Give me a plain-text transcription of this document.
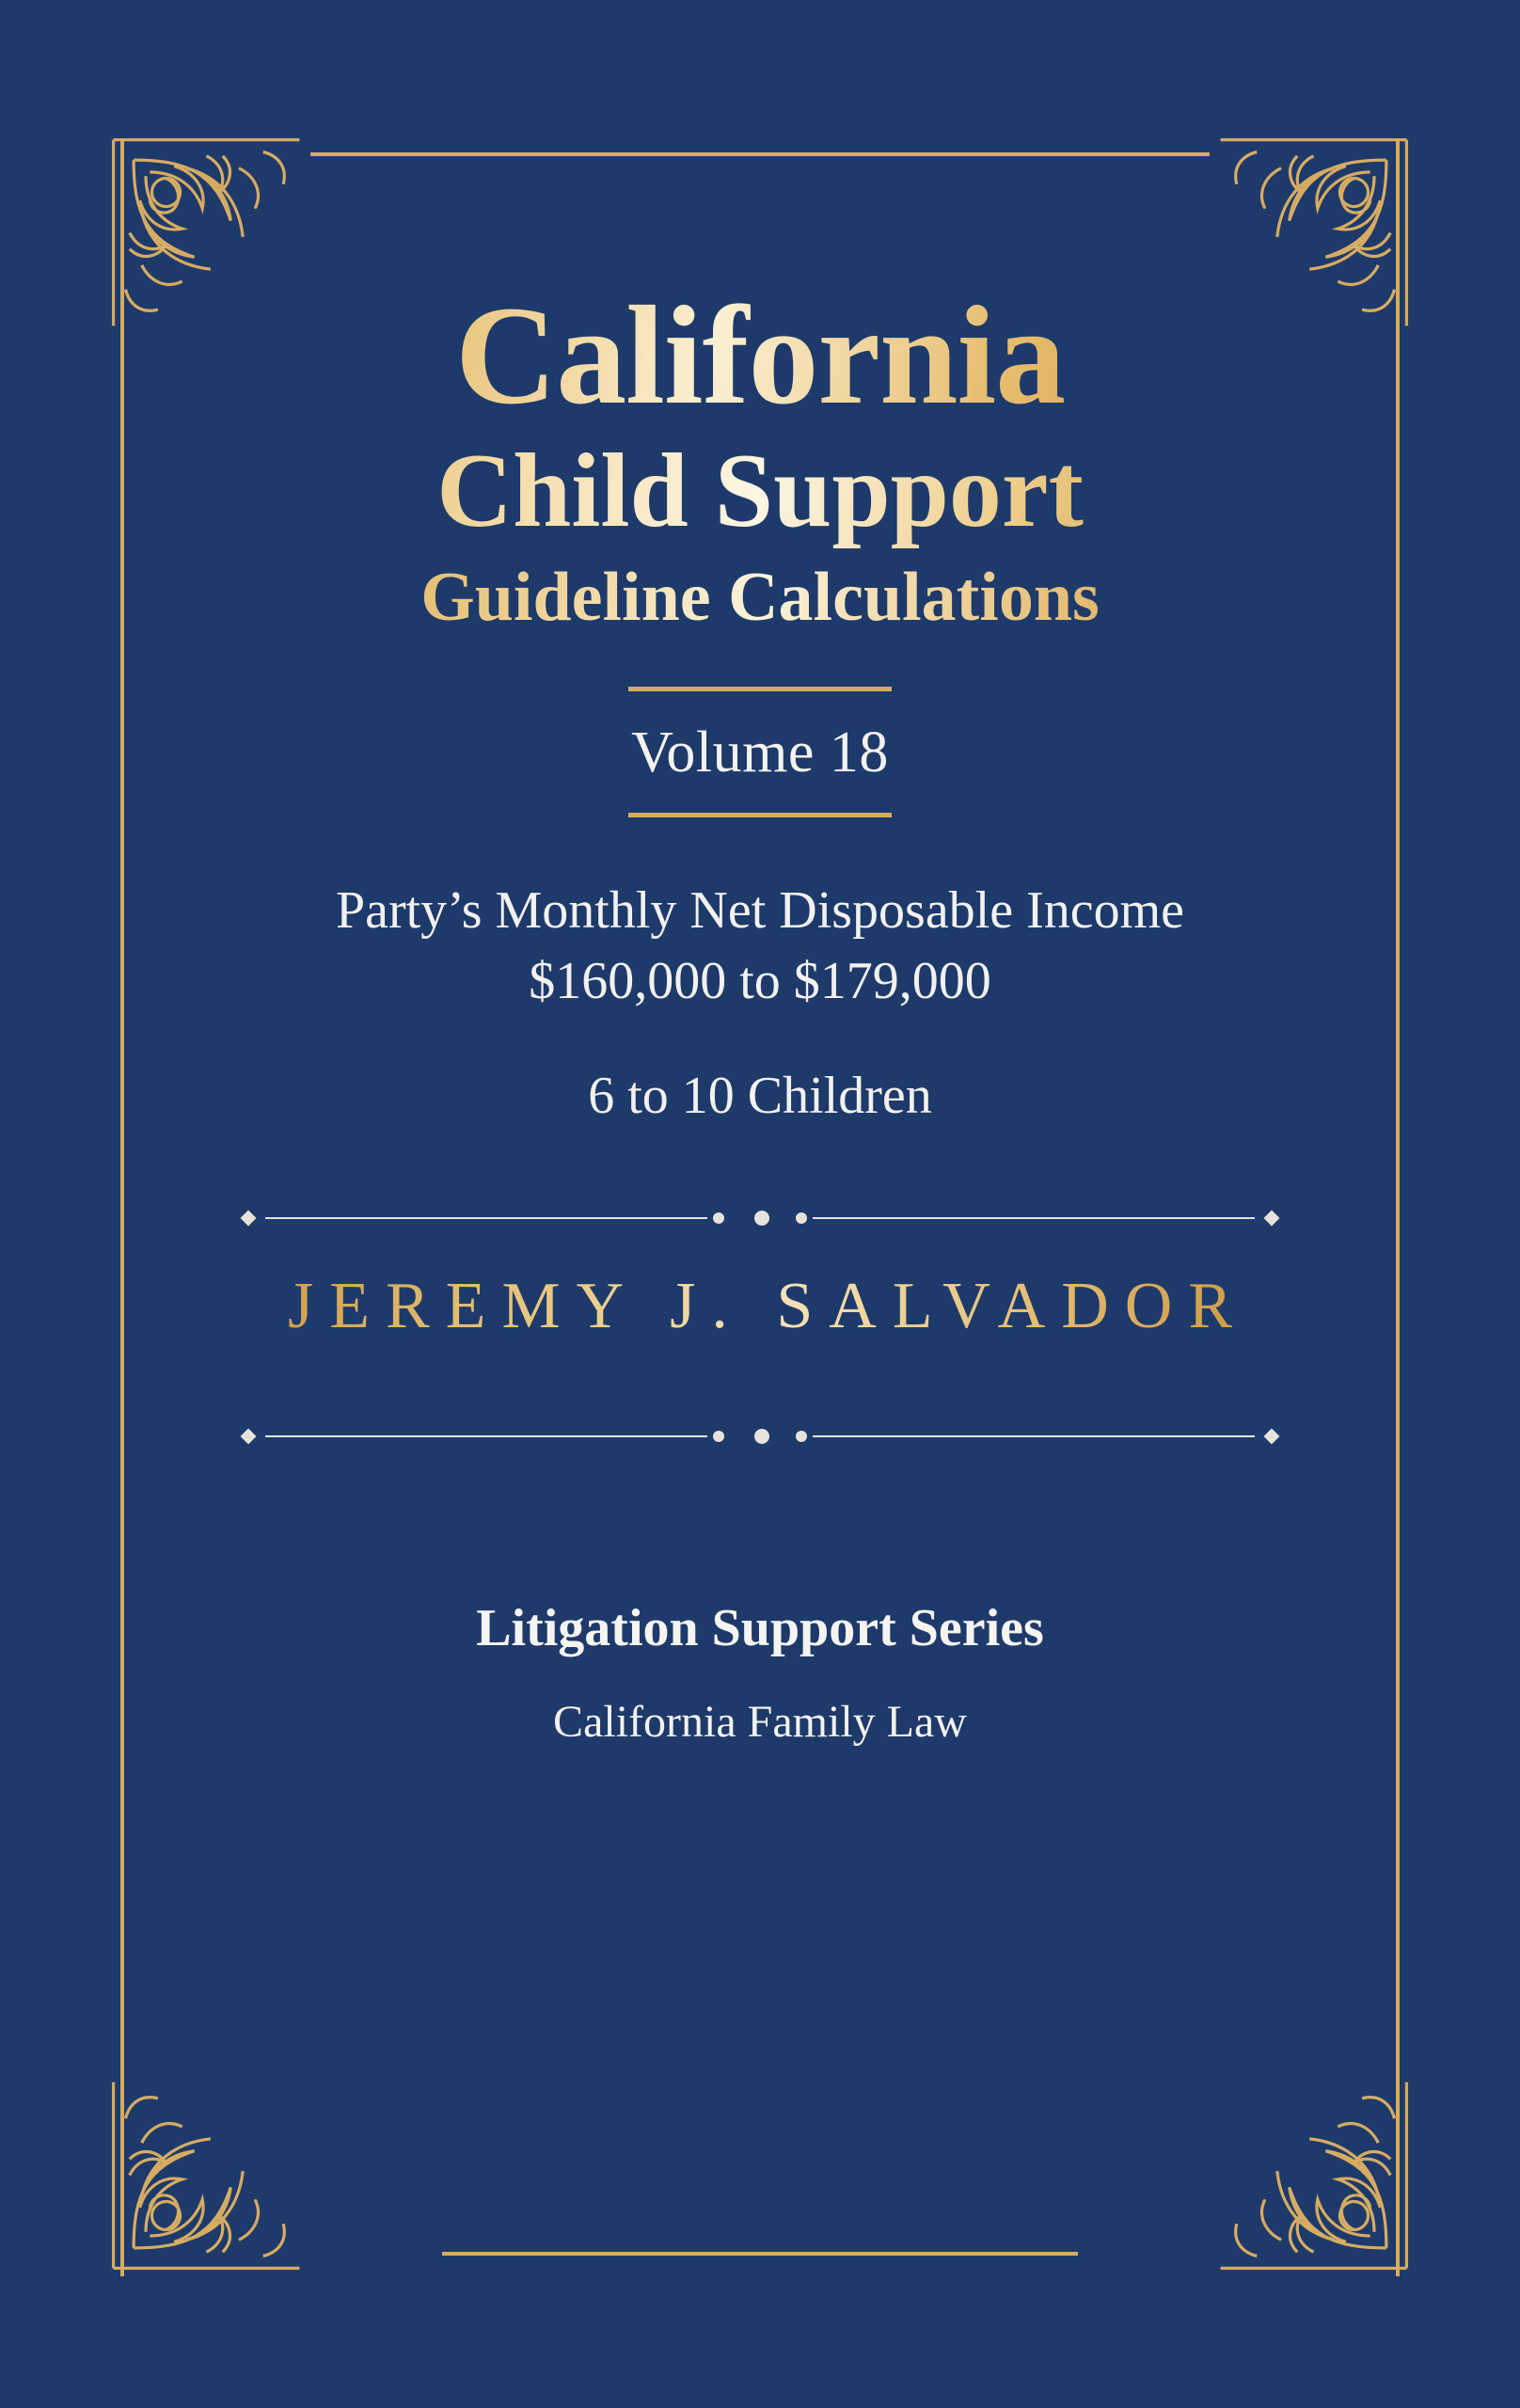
California
Child Support
Guideline Calculations
Volume 18
Party’s Monthly Net Disposable Income
$160,000 to $179,000
6 to 10 Children
JEREMY J. SALVADOR
Litigation Support Series
California Family Law
